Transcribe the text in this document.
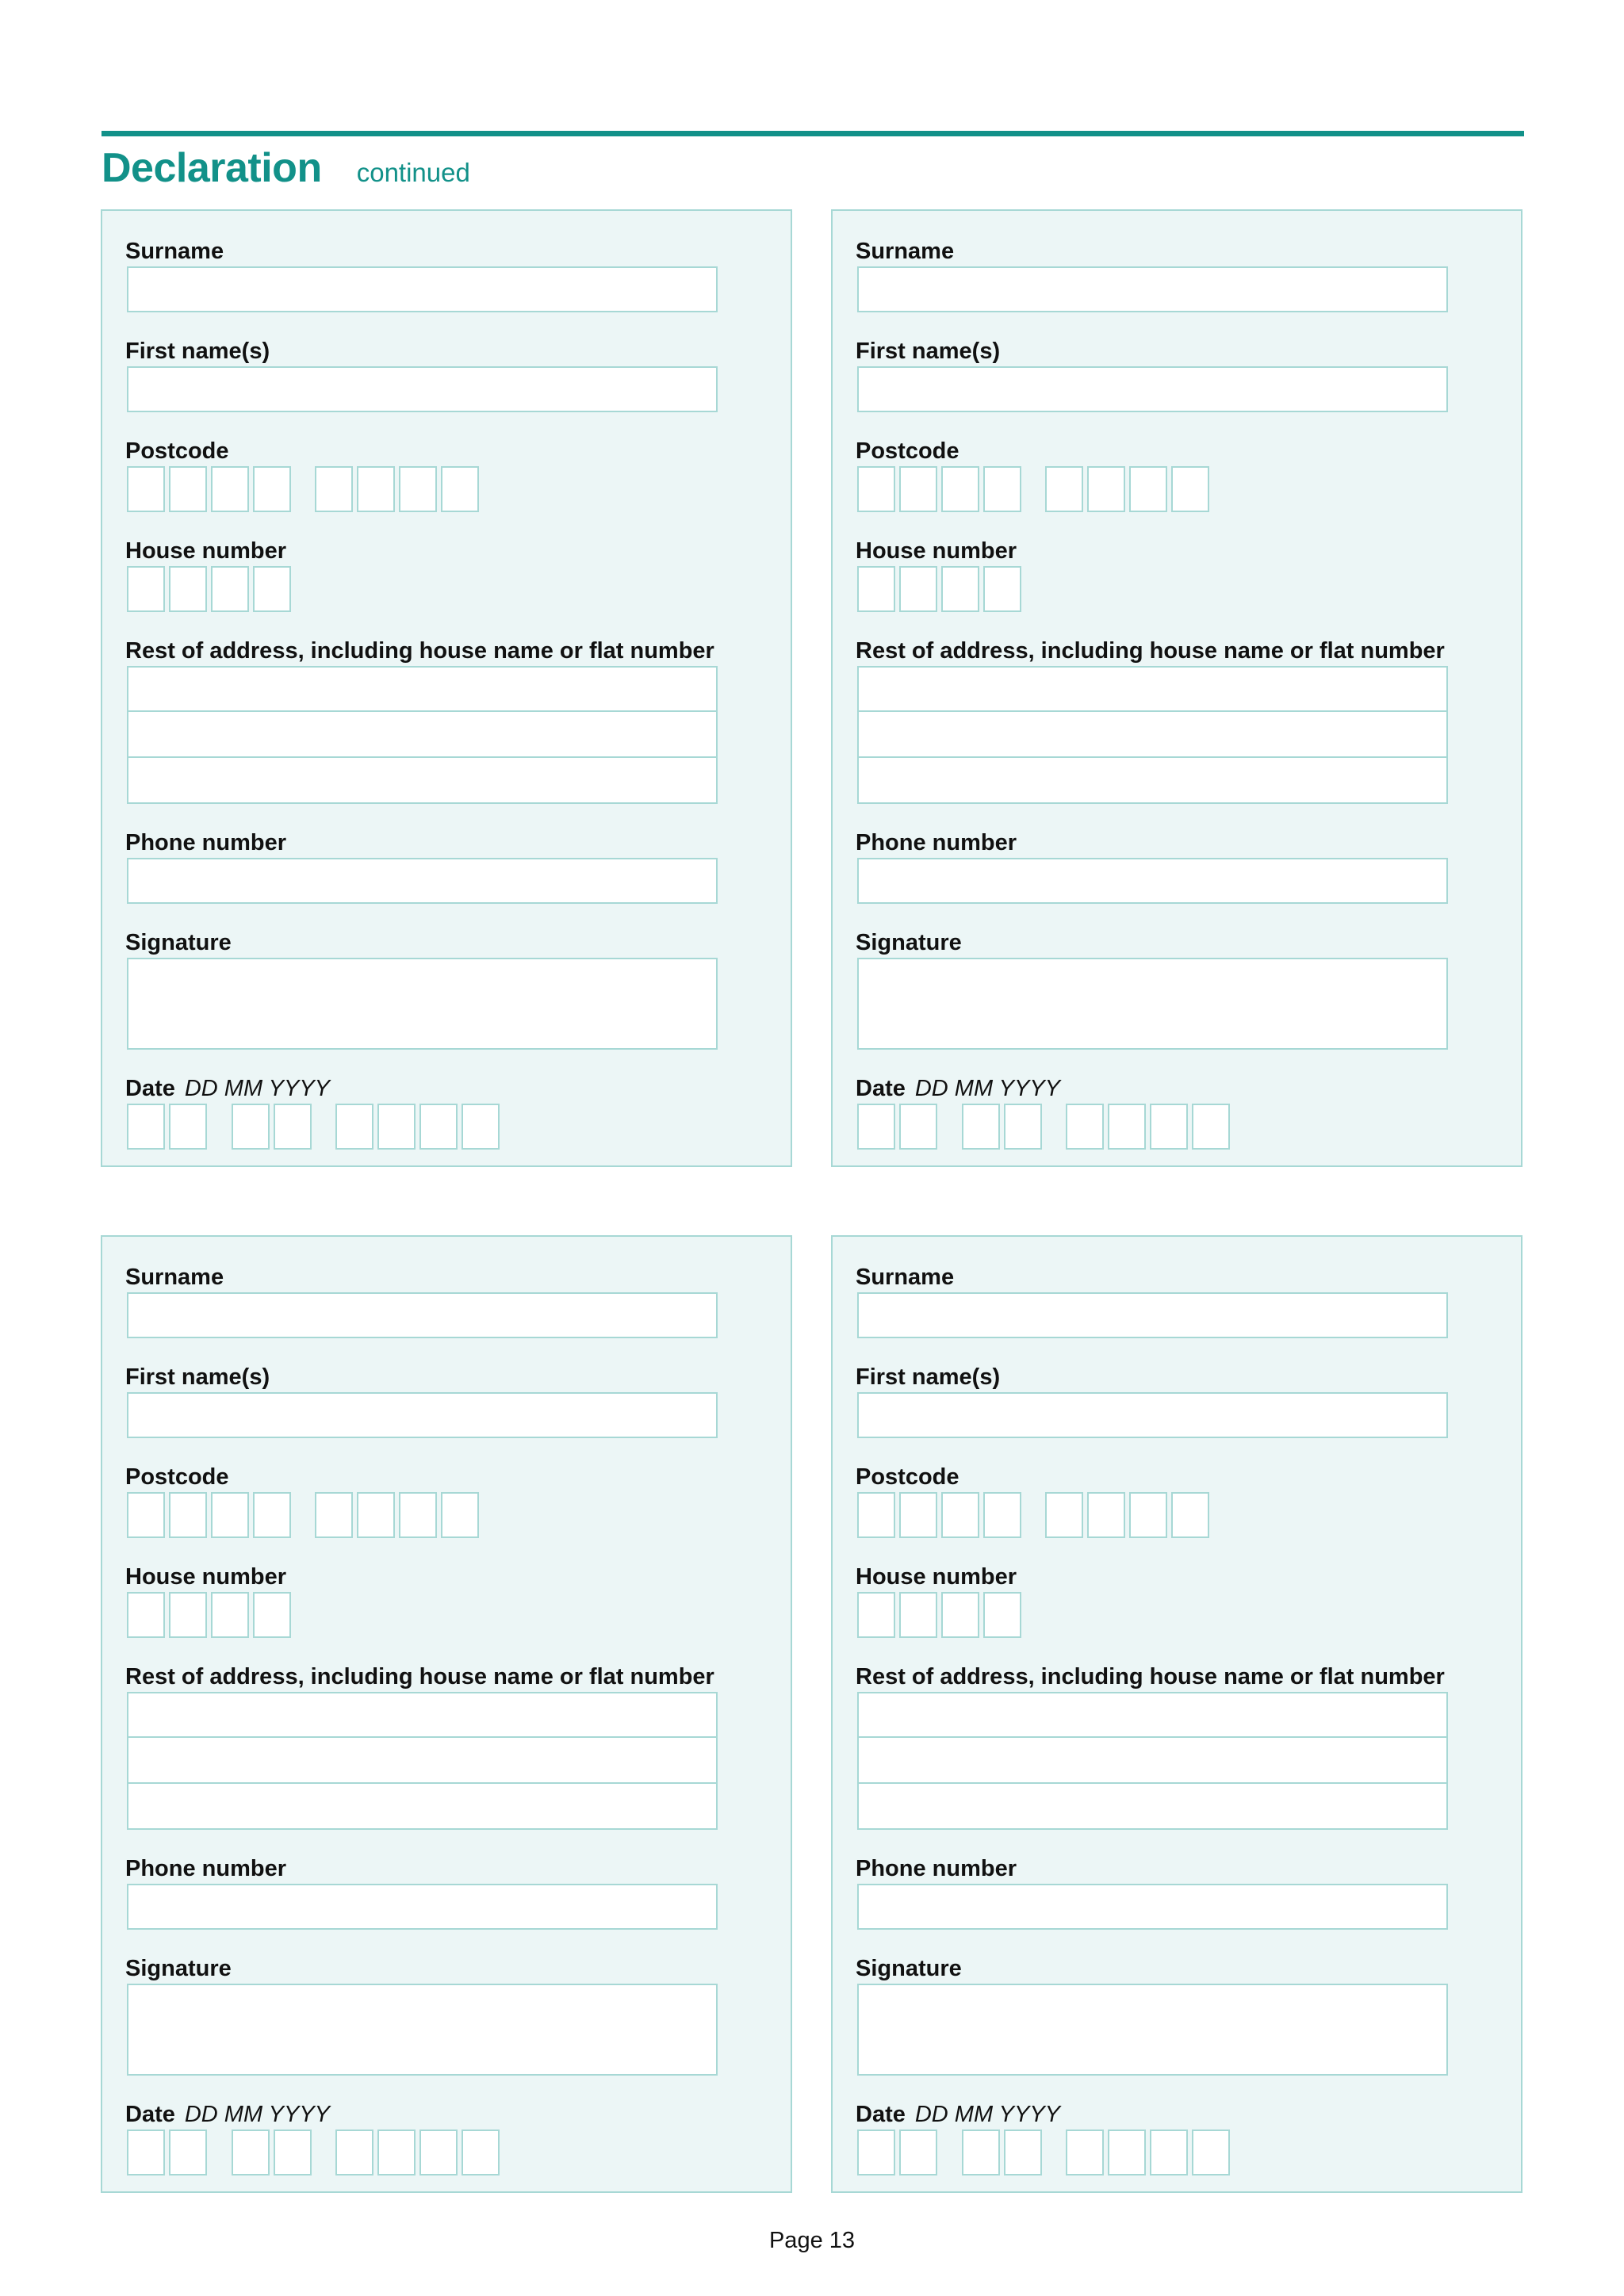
Declaration continued
Surname
First name(s)
Postcode
House number
Rest of address, including house name or flat number
Phone number
Signature
Date DD MM YYYY
Surname
First name(s)
Postcode
House number
Rest of address, including house name or flat number
Phone number
Signature
Date DD MM YYYY
Surname
First name(s)
Postcode
House number
Rest of address, including house name or flat number
Phone number
Signature
Date DD MM YYYY
Surname
First name(s)
Postcode
House number
Rest of address, including house name or flat number
Phone number
Signature
Date DD MM YYYY
Page 13
